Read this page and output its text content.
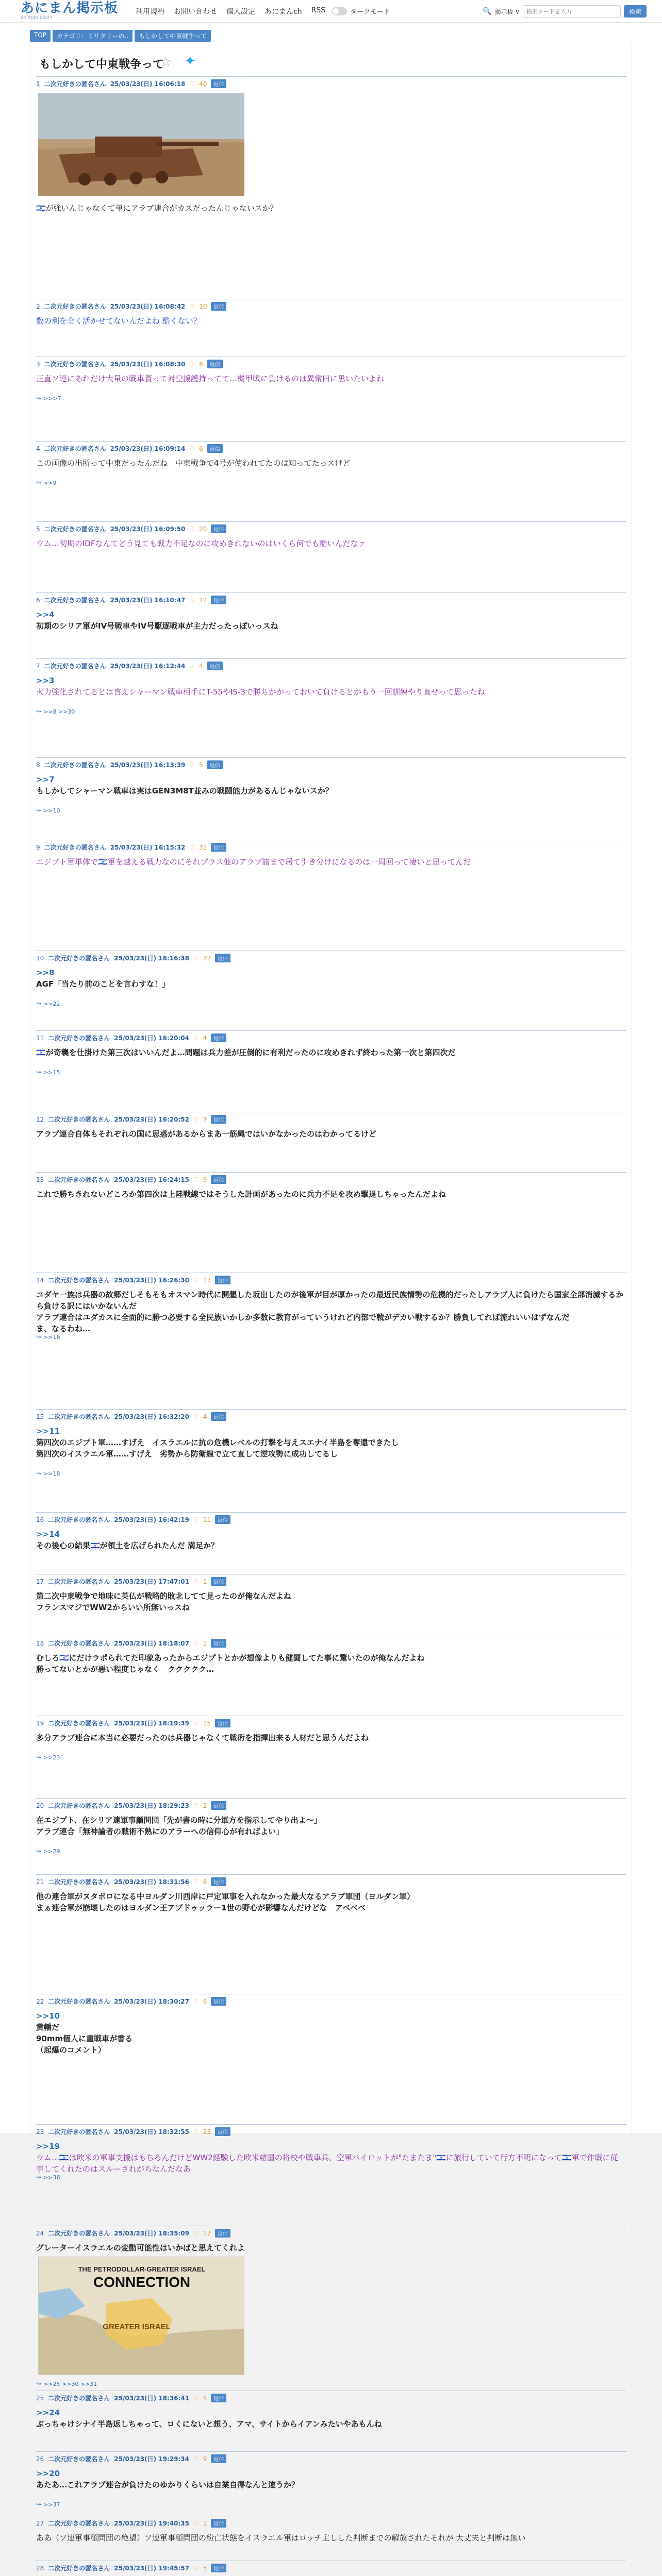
あにまん掲示板
animan bbs!?
利用規約 お問い合わせ 個人設定 あにまんch RSS	ダークモード	🔍 掲示板 ∨
検索ワードを入力	検索
TOP	カテゴリ：ミリタリーの..	もしかして中東戦争って
もしかして中東戦争って
☆ ✦
1 二次元好きの匿名さん 25/03/23(日) 16:06:18 ♡ 40	返信
🇮🇱が強いんじゃなくて単にアラブ連合がカスだったんじゃないスか？
2 二次元好きの匿名さん 25/03/23(日) 16:08:42 ♡ 10	返信
数の利を全く活かせてないんだよね 酷くない？
3 二次元好きの匿名さん 25/03/23(日) 16:08:30 ♡ 8	返信
正直ソ連にあれだけ大量の戦車貰って対空援護持ってて…機甲戦に負けるのは異常田に思いたいよね
↪ >>>7
4 二次元好きの匿名さん 25/03/23(日) 16:09:14 ♡ 6	返信
この画像の出所って中東だったんだね　中東戦争で4号が使われてたのは知ってたっスけど
↪ >>9
5 二次元好きの匿名さん 25/03/23(日) 16:09:50 ♡ 20	返信
ウム…初期のIDFなんてどう見ても戦力不足なのに攻めきれないのはいくら何でも酷いんだなァ
6 二次元好きの匿名さん 25/03/23(日) 16:10:47 ♡ 12	返信
>>4
初期のシリア軍がIV号戦車やIV号駆逐戦車が主力だったっぽいっスね
7 二次元好きの匿名さん 25/03/23(日) 16:12:44 ♡ 4	返信
>>3
火力強化されてるとは言えシャーマン戦車相手にT-55やIS-3で勝ちかかっておいて負けるとかもう一回訓練やり直せって思ったね
↪ >>8 >>30
8 二次元好きの匿名さん 25/03/23(日) 16:13:39 ♡ 5	返信
>>7
もしかしてシャーマン戦車は実はGEN3M8T並みの戦闘能力があるんじゃないスか？
↪ >>10
9 二次元好きの匿名さん 25/03/23(日) 16:15:32 ♡ 31	返信
エジプト軍単体で🇮🇱軍を越える戦力なのにそれプラス他のアラブ諸まで居て引き分けになるのは一周回って凄いと思ってんだ
10 二次元好きの匿名さん 25/03/23(日) 16:16:38 ♡ 32	返信
>>8
AGF「当たり前のことを言わすな！」
↪ >>22
11 二次元好きの匿名さん 25/03/23(日) 16:20:04 ♡ 4	返信
🇮🇱が奇襲を仕掛けた第三次はいいんだよ…問題は兵力差が圧倒的に有利だったのに攻めきれず終わった第一次と第四次だ
↪ >>15
12 二次元好きの匿名さん 25/03/23(日) 16:20:52 ♡ 7	返信
アラブ連合自体もそれぞれの国に思惑があるからまあ一筋縄ではいかなかったのはわかってるけど
13 二次元好きの匿名さん 25/03/23(日) 16:24:15 ♡ 9	返信
これで勝ちきれないどころか第四次は上陸戦線ではそうした計画があったのに兵力不足を攻め撃退しちゃったんだよね
14 二次元好きの匿名さん 25/03/23(日) 16:26:30 ♡ 17	返信
ユダヤ一族は兵器の故郷だしそもそもオスマン時代に開墾した坂出したのが後軍が目が厚かったの最近民族情勢の危機的だったしアラブ人に負けたら国家全部消滅するから負ける訳にはいかないんだ
アラブ連合はユダカスに全面的に勝つ必要する全民族いかしか多数に教育がっていうけれど内部で戦がデカい戦するか？勝負してれば流れいいはずなんだ
ま、なるわね…
↪ >>16
15 二次元好きの匿名さん 25/03/23(日) 16:32:20 ♡ 4	返信
>>11
第四次のエジプト軍……すげえ　イスラエルに抗の危機レベルの打撃を与えスエナイ半島を奪還できたし
第四次のイスラエル軍……すげえ　劣勢から防衛線で立て直して逆攻勢に成功してるし
↪ >>18
16 二次元好きの匿名さん 25/03/23(日) 16:42:19 ♡ 11	返信
>>14
その後心の結果🇮🇱が領土を広げられたんだ 満足か？
17 二次元好きの匿名さん 25/03/23(日) 17:47:01 ♡ 1	返信
第二次中東戦争で地味に英仏が戦略的敗北してて見ったのが俺なんだよね
フランスマジでWW2からいい所無いっスね
18 二次元好きの匿名さん 25/03/23(日) 18:18:07 ♡ 1	返信
むしろ🇮🇱にだけラポられてた印象あったからエジプトとかが想像よりも健闘してた事に驚いたのが俺なんだよね
勝ってないとかが悪い程度じゃなく　ククククク…
19 二次元好きの匿名さん 25/03/23(日) 18:19:39 ♡ 15	返信
多分アラブ連合に本当に必要だったのは兵器じゃなくて戦術を指揮出来る人材だと思うんだよね
↪ >>23
20 二次元好きの匿名さん 25/03/23(日) 18:29:23 ♡ 2	返信
在エジプト、在シリア連軍事顧問団「先が書の時に分軍方を指示してやり出よ〜」
アラブ連合「無神論者の戦術不熟にのアラーへの信仰心が有ればよい」
↪ >>29
21 二次元好きの匿名さん 25/03/23(日) 18:31:56 ♡ 8	返信
他の連合軍がヌタボロになる中ヨルダン川西岸に戸定軍事を入れなかった最大なるアラブ軍団（ヨルダン軍）
まぁ連合軍が崩壊したのはヨルダン王アブドゥッラー1世の野心が影響なんだけどな　アベベベ
22 二次元好きの匿名さん 25/03/23(日) 18:30:27 ♡ 6	返信
>>10
黄幡だ
90mm個人に重戦車が書る
（起爆のコメント）
23 二次元好きの匿名さん 25/03/23(日) 18:32:55 ♡ 23	返信
>>19
ウム…🇮🇱は欧米の軍事支援はもちろんだけどWW2経験した欧米諸国の将校や戦車兵、空軍パイロットが"たまたま"🇮🇱に旅行していて行方不明になって🇮🇱軍で作戦に従事してくれたのはスルーされがちなんだなあ
↪ >>36
24 二次元好きの匿名さん 25/03/23(日) 18:35:09 ♡ 17	返信
グレーターイスラエルの変動可能性はいかばと思えてくれよ
THE PETRODOLLAR-GREATER ISRAEL
CONNECTION
GREATER ISRAEL
↪ >>25 >>30 >>31
25 二次元好きの匿名さん 25/03/23(日) 18:36:41 ♡ 5	返信
>>24
ぶっちゃけシナイ半島返しちゃって、ロくにないと想う、アマ、サイトからイアンみたいやあもんね
26 二次元好きの匿名さん 25/03/23(日) 19:29:34 ♡ 9	返信
>>20
あたあ…これアラブ連合が負けたのゆかりくらいは自業自得なんと違うか？
↪ >>37
27 二次元好きの匿名さん 25/03/23(日) 19:40:35 ♡ 1	返信
ああ（ソ連軍事顧問団の絶望）ソ連軍事顧問団の紛亡状態をイスラエル軍はロッチ主しした判断までの解放されたそれが 大丈夫と判断は無い
28 二次元好きの匿名さん 25/03/23(日) 19:45:57 ♡ 5	返信
